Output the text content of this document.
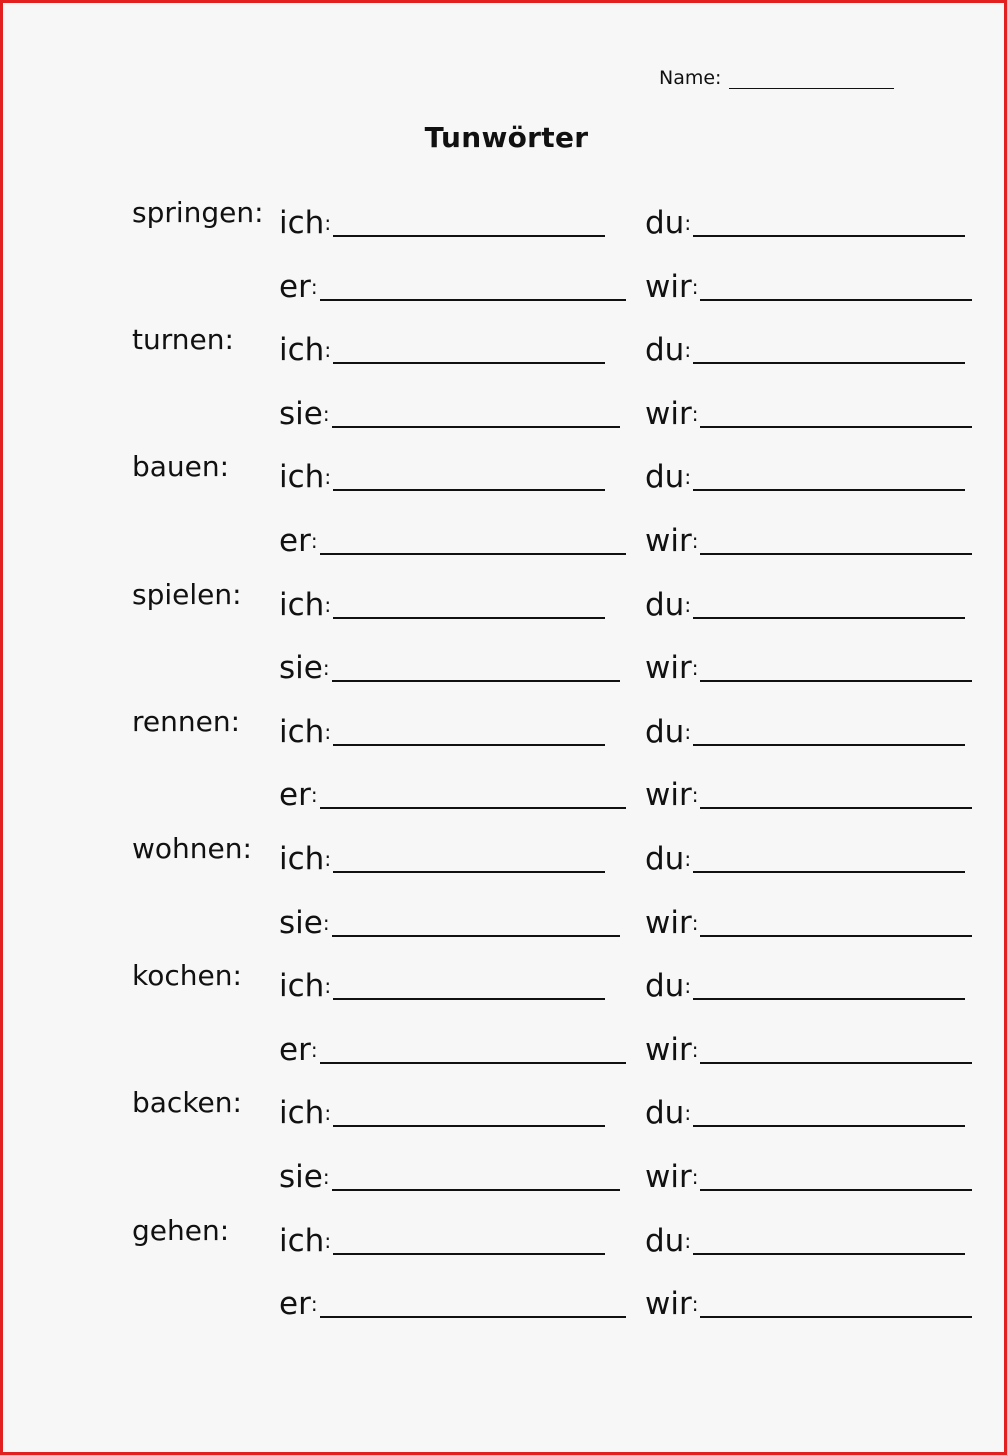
Name:
Tunwörter
springen: ich :	du :
er :	wir :
turnen: ich :	du :
sie :	wir :
bauen: ich :	du :
er :	wir :
spielen: ich :	du :
sie :	wir :
rennen: ich :	du :
er :	wir :
wohnen: ich :	du :
sie :	wir :
kochen: ich :	du :
er :	wir :
backen: ich :	du :
sie :	wir :
gehen: ich :	du :
er :	wir :
